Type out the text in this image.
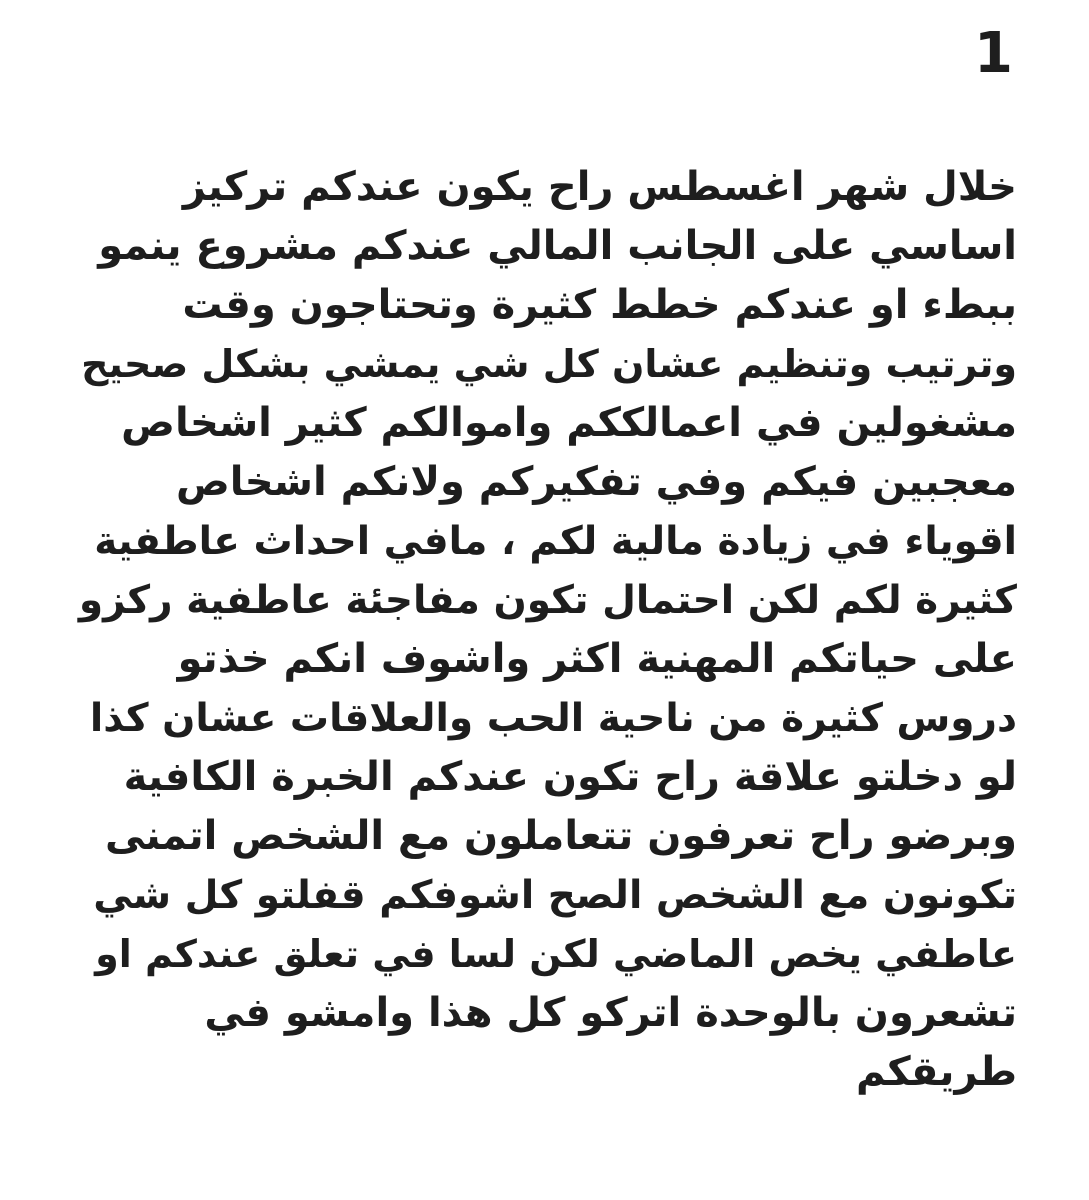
1
خلال شهر اغسطس راح يكون عندكم تركيز
اساسي على الجانب المالي عندكم مشروع ينمو
ببطء او عندكم خطط كثيرة وتحتاجون وقت
وترتيب وتنظيم عشان كل شي يمشي بشكل صحيح
مشغولين في اعمالككم واموالكم كثير اشخاص
معجبين فيكم وفي تفكيركم ولانكم اشخاص
اقوياء في زيادة مالية لكم ، مافي احداث عاطفية
كثيرة لكم لكن احتمال تكون مفاجئة عاطفية ركزو
على حياتكم المهنية اكثر واشوف انكم خذتو
دروس كثيرة من ناحية الحب والعلاقات عشان كذا
لو دخلتو علاقة راح تكون عندكم الخبرة الكافية
وبرضو راح تعرفون تتعاملون مع الشخص اتمنى
تكونون مع الشخص الصح اشوفكم قفلتو كل شي
عاطفي يخص الماضي لكن لسا في تعلق عندكم او
تشعرون بالوحدة اتركو كل هذا وامشو في
طريقكم
